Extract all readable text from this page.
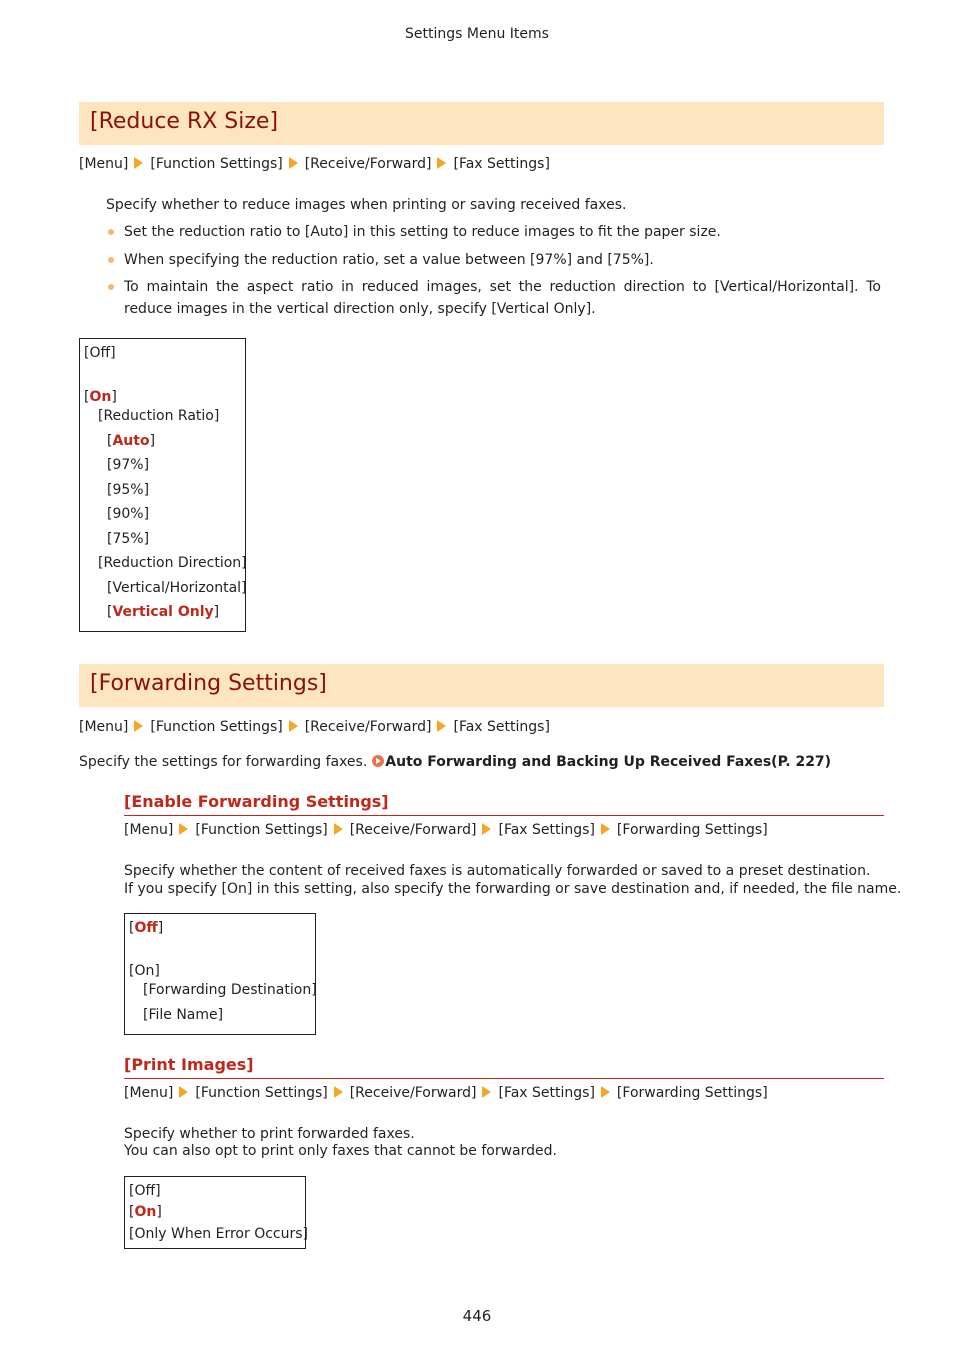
Settings Menu Items
[Reduce RX Size]
[Menu] [Function Settings] [Receive/Forward] [Fax Settings]
Specify whether to reduce images when printing or saving received faxes.
Set the reduction ratio to [Auto] in this setting to reduce images to fit the paper size.
When specifying the reduction ratio, set a value between [97%] and [75%].
To maintain the aspect ratio in reduced images, set the reduction direction to [Vertical/Horizontal]. To reduce images in the vertical direction only, specify [Vertical Only].
[Off]
[On]
[Reduction Ratio]
[Auto]
[97%]
[95%]
[90%]
[75%]
[Reduction Direction]
[Vertical/Horizontal]
[Vertical Only]
[Forwarding Settings]
[Menu] [Function Settings] [Receive/Forward] [Fax Settings]
Specify the settings for forwarding faxes. Auto Forwarding and Backing Up Received Faxes(P. 227)
[Enable Forwarding Settings]
[Menu] [Function Settings] [Receive/Forward] [Fax Settings] [Forwarding Settings]
Specify whether the content of received faxes is automatically forwarded or saved to a preset destination.
If you specify [On] in this setting, also specify the forwarding or save destination and, if needed, the file name.
[Off]
[On]
[Forwarding Destination]
[File Name]
[Print Images]
[Menu] [Function Settings] [Receive/Forward] [Fax Settings] [Forwarding Settings]
Specify whether to print forwarded faxes.
You can also opt to print only faxes that cannot be forwarded.
[Off]
[On]
[Only When Error Occurs]
446
